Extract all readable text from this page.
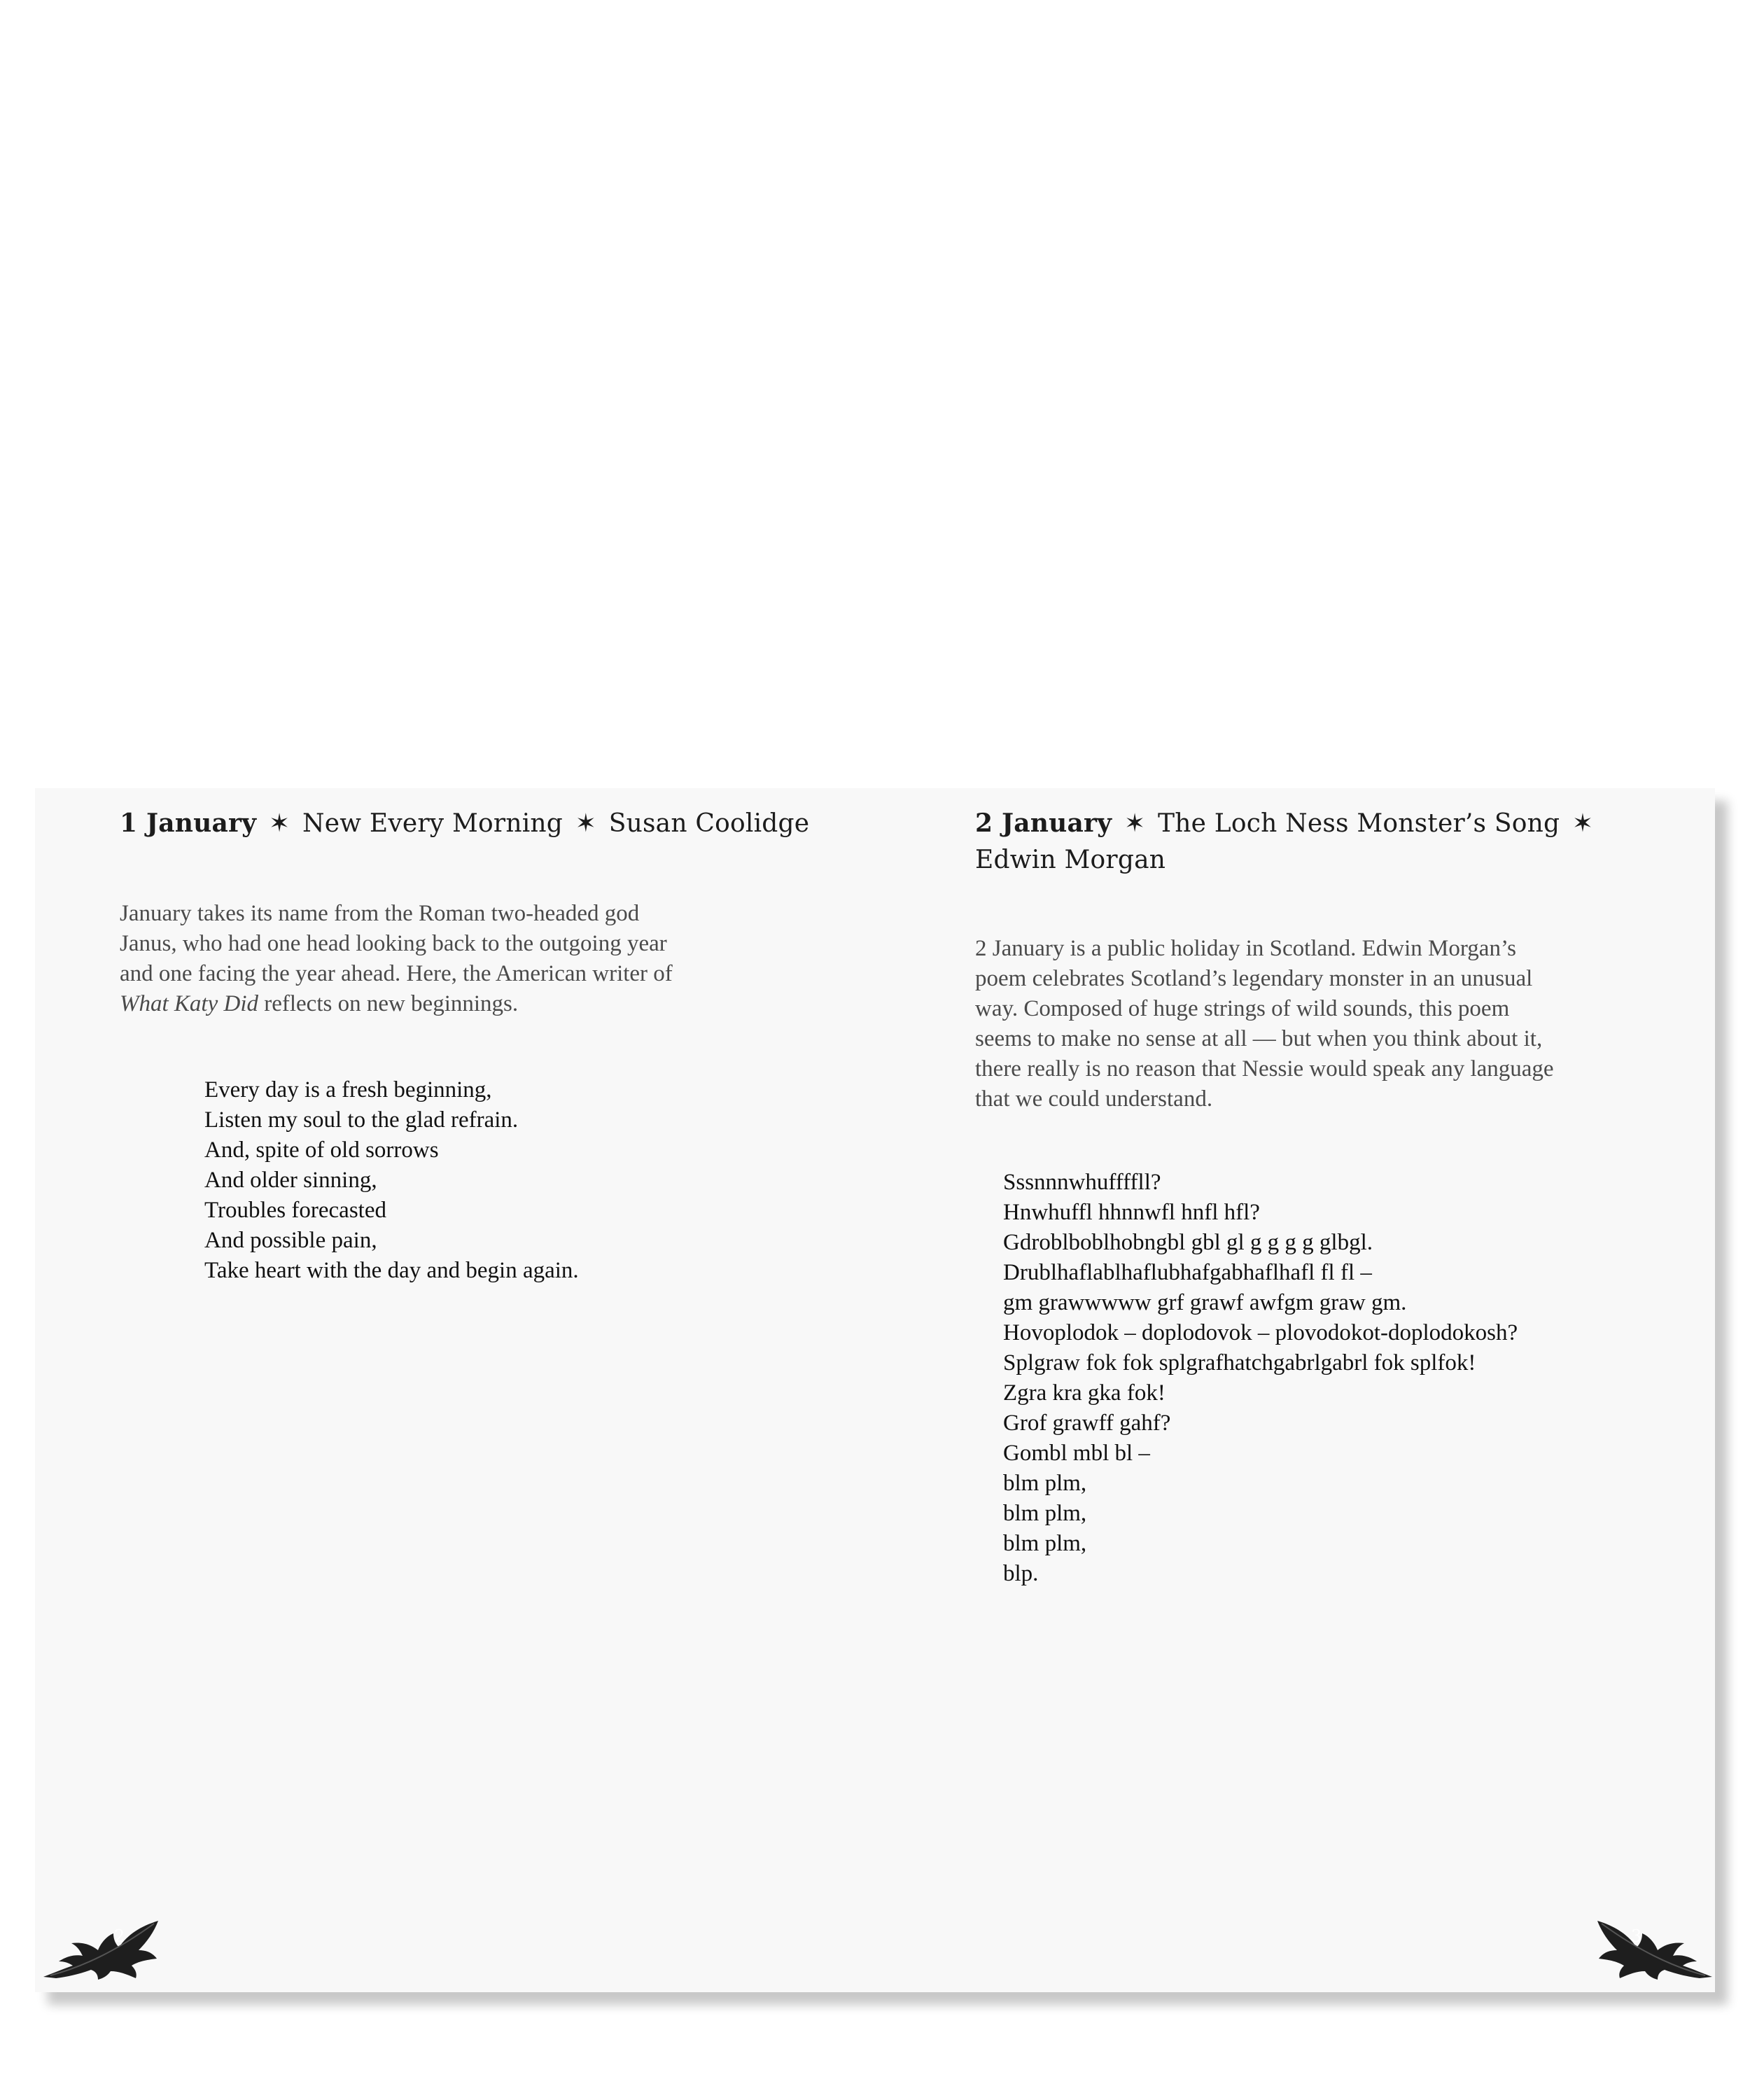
1 January ✶ New Every Morning ✶ Susan Coolidge
January takes its name from the Roman two-headed god
Janus, who had one head looking back to the outgoing year
and one facing the year ahead. Here, the American writer of
What Katy Did reflects on new beginnings.
Every day is a fresh beginning,
Listen my soul to the glad refrain.
And, spite of old sorrows
And older sinning,
Troubles forecasted
And possible pain,
Take heart with the day and begin again.
2
2 January ✶ The Loch Ness Monster’s Song ✶
Edwin Morgan
2 January is a public holiday in Scotland. Edwin Morgan’s
poem celebrates Scotland’s legendary monster in an unusual
way. Composed of huge strings of wild sounds, this poem
seems to make no sense at all — but when you think about it,
there really is no reason that Nessie would speak any language
that we could understand.
Sssnnnwhuffffll?
Hnwhuffl hhnnwfl hnfl hfl?
Gdroblboblhobngbl gbl gl g g g g glbgl.
Drublhaflablhaflubhafgabhaflhafl fl fl –
gm grawwwww grf grawf awfgm graw gm.
Hovoplodok – doplodovok – plovodokot-doplodokosh?
Splgraw fok fok splgrafhatchgabrlgabrl fok splfok!
Zgra kra gka fok!
Grof grawff gahf?
Gombl mbl bl –
blm plm,
blm plm,
blm plm,
blp.
3
